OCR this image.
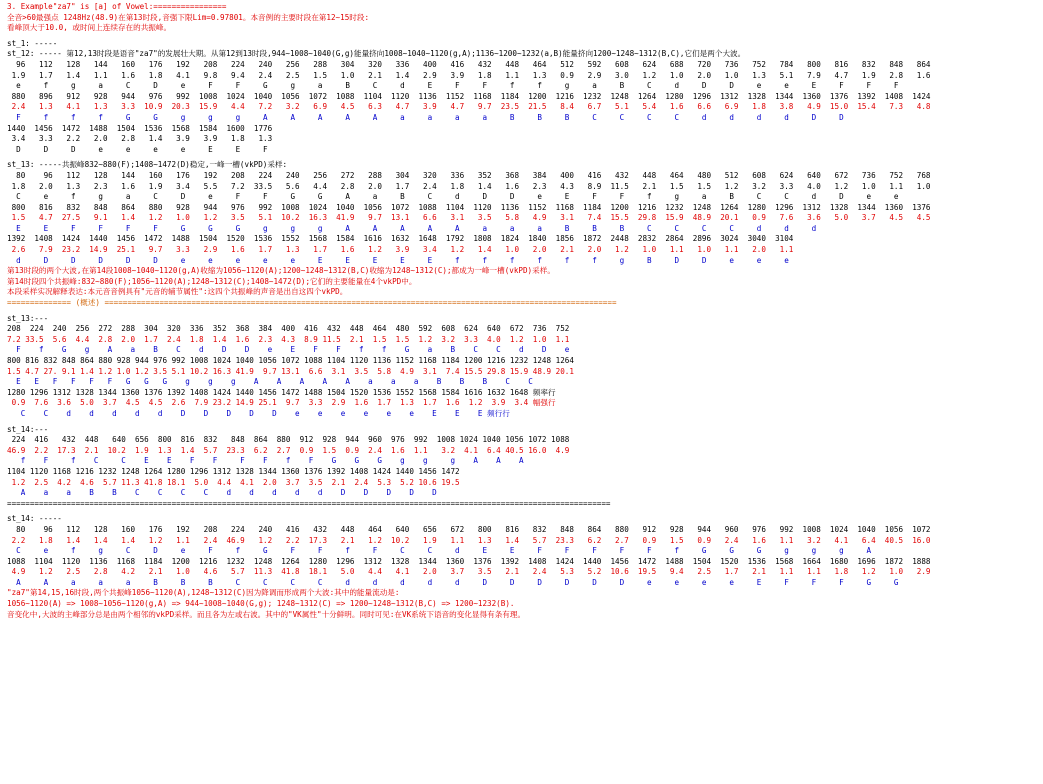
3. Example"za7" is [a] of Vowel:================
全音>60最强点 1248Hz(48.9)在第13时段,音强下限Lim=0.97801。本音例的主要时段在第12~15时段:
看峰顶大于10.0, 或时间上连续存在的共振峰。
st_1: -----
st_12: ----- 第12,13时段是语音"za7"的发展壮大期。从第12到13时段,944~1008~1040(G,g)能量挤向1008~1040~1120(g,A);1136~1200~1232(a,B)能量挤向1200~1248~1312(B,C),它们是两个大波。
96   112   128   144   160   176   192   208   224   240   256   288   304   320   336   400   416   432   448   464   512   592   608   624   688   720   736   752   784   800   816   832   848   864
1.9   1.7   1.4   1.1   1.6   1.8   4.1   9.8   9.4   2.4   2.5   1.5   1.0   2.1   1.4   2.9   3.9   1.8   1.1   1.3   0.9   2.9   3.0   1.2   1.0   2.0   1.0   1.3   5.1   7.9   4.7   1.9   2.8   1.6
e     f     g     a     C     D     e     F     F     G     g     a     B     C     d     E     F     F     f     f     g     a     B     C     d     D     D     e     e     E     F     F     F
880   896   912   928   944   976   992  1008  1024  1040  1056  1072  1088  1104  1120  1136  1152  1168  1184  1200  1216  1232  1248  1264  1280  1296  1312  1328  1344  1360  1376  1392  1408  1424
2.4   1.3   4.1   1.3   3.3  10.9  20.3  15.9   4.4   7.2   3.2   6.9   4.5   6.3   4.7   3.9   4.7   9.7  23.5  21.5   8.4   6.7   5.1   5.4   1.6   6.6   6.9   1.8   3.8   4.9  15.0  15.4   7.3   4.8
F     f     f     f     G     G     g     g     g     A     A     A     A     A     a     a     a     a     B     B     B     C     C     C     C     d     d     d     d     D     D
1440  1456  1472  1488  1504  1536  1568  1584  1600  1776
3.4   3.3   2.2   2.0   2.8   1.4   3.9   3.9   1.8   1.3
D     D     D     e     e     e     e     E     E     F
st_13: -----共振峰832~880(F);1408~1472(D)稳定,一峰一槽(vkPD)采样:
80    96   112   128   144   160   176   192   208   224   240   256   272   288   304   320   336   352   368   384   400   416   432   448   464   480   512   608   624   640   672   736   752   768
1.8   2.0   1.3   2.3   1.6   1.9   3.4   5.5   7.2  33.5   5.6   4.4   2.8   2.0   1.7   2.4   1.8   1.4   1.6   2.3   4.3   8.9  11.5   2.1   1.5   1.5   1.2   3.2   3.3   4.0   1.2   1.0   1.1   1.0
C     e     f     g     a     C     D     e     F     F     G     G     A     a     B     C     d     D     D     e     E     F     F     f     g     a     B     C     C     d     D     e     e
800   816   832   848   864   880   928   944   976   992  1008  1024  1040  1056  1072  1088  1104  1120  1136  1152  1168  1184  1200  1216  1232  1248  1264  1280  1296  1312  1328  1344  1360  1376
1.5   4.7  27.5   9.1   1.4   1.2   1.0   1.2   3.5   5.1  10.2  16.3  41.9   9.7  13.1   6.6   3.1   3.5   5.8   4.9   3.1   7.4  15.5  29.8  15.9  48.9  20.1   0.9   7.6   3.6   5.0   3.7   4.5   4.5
E     E     F     F     F     F     G     G     G     g     g     g     A     A     A     A     A     a     a     a     B     B     B     C     C     C     C     d     d     d
1392  1408  1424  1440  1456  1472  1488  1504  1520  1536  1552  1568  1584  1616  1632  1648  1792  1808  1824  1840  1856  1872  2448  2832  2864  2896  3024  3040  3104
2.6   7.9  23.2  14.9  25.1   9.7   3.3   2.9   1.6   1.7   1.3   1.7   1.6   1.2   3.9   3.4   1.2   1.4   1.0   2.0   2.1   2.0   1.2   1.0   1.1   1.0   1.1   2.0   1.1
d     D     D     D     D     D     e     e     e     e     e     E     E     E     E     E     f     f     f     f     f     f     g     B     D     D     e     e     e
第13时段的两个大波,在第14段1008~1040~1120(g,A)收缩为1056~1120(A);1200~1248~1312(B,C)收缩为1248~1312(C);都成为一峰一槽(vkPD)采样。
第14时段四个共振峰:832~880(F);1056~1120(A);1248~1312(C);1408~1472(D);它们的主要能量在4个vkPD中。
本段采样实况解释表达:本元音音例具有"元音的辅节属性":这四个共振峰的声音是出自这四个vkPD。
============== (概述) ================================================================================================================
st_13:---
208  224  240  256  272  288  304  320  336  352  368  384  400  416  432  448  464  480  592  608  624  640  672  736  752
7.2 33.5  5.6  4.4  2.8  2.0  1.7  2.4  1.8  1.4  1.6  2.3  4.3  8.9 11.5  2.1  1.5  1.5  1.2  3.2  3.3  4.0  1.2  1.0  1.1
F    f    G    g    A    a    B    C    d    D    D    e    E    F    F    f    f    G    a    B    C    C    d    D    e
800 816 832 848 864 880 928 944 976 992 1008 1024 1040 1056 1072 1088 1104 1120 1136 1152 1168 1184 1200 1216 1232 1248 1264
1.5 4.7 27. 9.1 1.4 1.2 1.0 1.2 3.5 5.1 10.2 16.3 41.9  9.7 13.1  6.6  3.1  3.5  5.8  4.9  3.1  7.4 15.5 29.8 15.9 48.9 20.1
E   E   F   F   F   F   G   G   G    g    g    g    A    A    A    A    A    a    a    a    B    B    B    C    C
1280 1296 1312 1328 1344 1360 1376 1392 1408 1424 1440 1456 1472 1488 1504 1520 1536 1552 1568 1584 1616 1632 1648 频率行
0.9  7.6  3.6  5.0  3.7  4.5  4.5  2.6  7.9 23.2 14.9 25.1  9.7  3.3  2.9  1.6  1.7  1.3  1.7  1.6  1.2  3.9  3.4 幅强行
C    C    d    d    d    d    d    D    D    D    D    D    e    e    e    e    e    e    E    E    E 频行行
st_14:---
224  416   432  448   640  656  800  816  832   848  864  880  912  928  944  960  976  992  1008 1024 1040 1056 1072 1088
46.9  2.2  17.3  2.1  10.2  1.9  1.3  1.4  5.7  23.3  6.2  2.7  0.9  1.5  0.9  2.4  1.6  1.1   3.2  4.1  6.4 40.5 16.0  4.9
f    F     f    C     C    E    E    F    F     F    F    f    F    G    G    G    g    g     g    A    A    A
1104 1120 1168 1216 1232 1248 1264 1280 1296 1312 1328 1344 1360 1376 1392 1408 1424 1440 1456 1472
1.2  2.5  4.2  4.6  5.7 11.3 41.8 18.1  5.0  4.4  4.1  2.0  3.7  3.5  2.1  2.4  5.3  5.2 10.6 19.5
A    a    a    B    B    C    C    C    C    d    d    d    d    d    D    D    D    D    D
====================================================================================================================================
st_14: -----
80    96   112   128   160   176   192   208   224   240   416   432   448   464   640   656   672   800   816   832   848   864   880   912   928   944   960   976   992  1008  1024  1040  1056  1072
2.2   1.8   1.4   1.4   1.4   1.2   1.1   2.4  46.9   1.2   2.2  17.3   2.1   1.2  10.2   1.9   1.1   1.3   1.4   5.7  23.3   6.2   2.7   0.9   1.5   0.9   2.4   1.6   1.1   3.2   4.1   6.4  40.5  16.0
C     e     f     g     C     D     e     F     f     G     F     F     f     F     C     C     d     E     E     F     F     F     F     F     f     G     G     G     g     g     g     A
1088  1104  1120  1136  1168  1184  1200  1216  1232  1248  1264  1280  1296  1312  1328  1344  1360  1376  1392  1408  1424  1440  1456  1472  1488  1504  1520  1536  1568  1664  1680  1696  1872  1888
4.9   1.2   2.5   2.8   4.2   2.1   1.0   4.6   5.7  11.3  41.8  18.1   5.0   4.4   4.1   2.0   3.7   3.5   2.1   2.4   5.3   5.2  10.6  19.5   9.4   2.5   1.7   2.1   1.1   1.1   1.8   1.2   1.0   2.9
A     A     a     a     a     B     B     B     C     C     C     C     d     d     d     d     d     D     D     D     D     D     D     e     e     e     e     E     F     F     F     G     G
"za7"第14,15,16时段,两个共振峰1056~1120(A),1248~1312(C)因为降调而形成两个大波:其中的能量流动是:
1056~1120(A) => 1008~1056~1120(g,A) => 944~1008~1040(G,g); 1248~1312(C) => 1200~1248~1312(B,C) => 1200~1232(B).
音变化中,大波的主峰部分总是由两个相邻的vkPD采样。而且各为左或右波。其中的"VK属性"十分鲜明。同时可见:在VK系统下语音的变化显得有条有理。
